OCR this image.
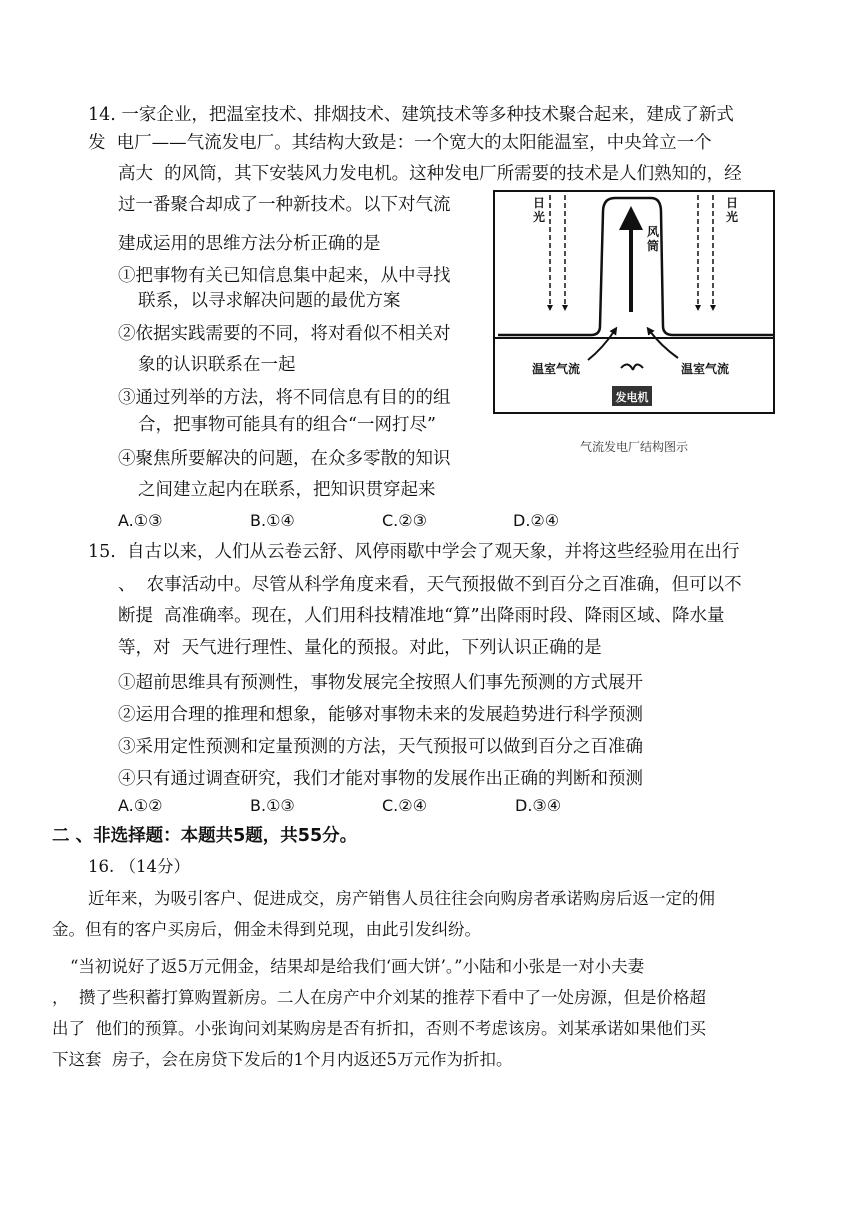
14. 一家企业，把温室技术、排烟技术、建筑技术等多种技术聚合起来，建成了新式
发  电厂——气流发电厂。其结构大致是：一个宽大的太阳能温室，中央耸立一个
高大  的风筒，其下安装风力发电机。这种发电厂所需要的技术是人们熟知的，经
过一番聚合却成了一种新技术。以下对气流
建成运用的思维方法分析正确的是
①把事物有关已知信息集中起来，从中寻找
联系，以寻求解决问题的最优方案
②依据实践需要的不同，将对看似不相关对
象的认识联系在一起
③通过列举的方法，将不同信息有目的的组
合，把事物可能具有的组合“一网打尽”
④聚焦所要解决的问题，在众多零散的知识
之间建立起内在联系，把知识贯穿起来
A.①③	B.①④	C.②③	D.②④
发电机
日
光
日
光
风
筒
温室气流	温室气流
气流发电厂结构图示
15.  自古以来，人们从云卷云舒、风停雨歇中学会了观天象，并将这些经验用在出行
、  农事活动中。尽管从科学角度来看，天气预报做不到百分之百准确，但可以不
断提  高准确率。现在，人们用科技精准地“算”出降雨时段、降雨区域、降水量
等，对  天气进行理性、量化的预报。对此，下列认识正确的是
①超前思维具有预测性，事物发展完全按照人们事先预测的方式展开
②运用合理的推理和想象，能够对事物未来的发展趋势进行科学预测
③采用定性预测和定量预测的方法，天气预报可以做到百分之百准确
④只有通过调查研究，我们才能对事物的发展作出正确的判断和预测
A.①②	B.①③	C.②④	D.③④
二 、非选择题：本题共5题，共55分。
16. （14分）
近年来，为吸引客户、促进成交，房产销售人员往往会向购房者承诺购房后返一定的佣
金。但有的客户买房后，佣金未得到兑现，由此引发纠纷。
“当初说好了返5万元佣金，结果却是给我们‘画大饼’。”小陆和小张是一对小夫妻
，  攒了些积蓄打算购置新房。二人在房产中介刘某的推荐下看中了一处房源，但是价格超
出了  他们的预算。小张询问刘某购房是否有折扣，否则不考虑该房。刘某承诺如果他们买
下这套  房子，会在房贷下发后的1个月内返还5万元作为折扣。
